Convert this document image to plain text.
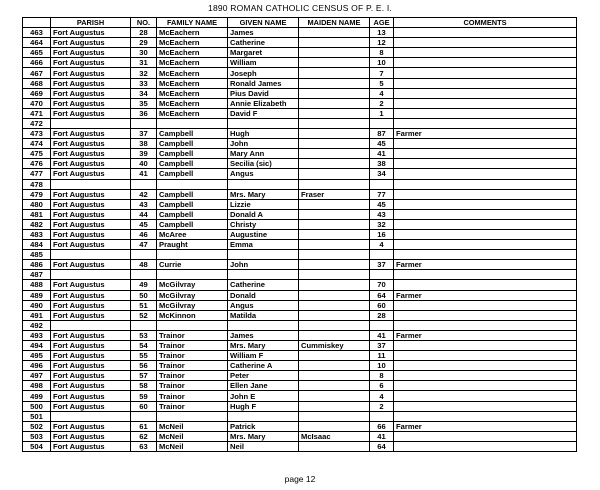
1890 ROMAN CATHOLIC CENSUS OF P. E. I.
	PARISH	NO.	FAMILY NAME	GIVEN NAME	MAIDEN NAME	AGE	COMMENTS
463	Fort Augustus	28	McEachern	James		13	
464	Fort Augustus	29	McEachern	Catherine		12	
465	Fort Augustus	30	McEachern	Margaret		8	
466	Fort Augustus	31	McEachern	William		10	
467	Fort Augustus	32	McEachern	Joseph		7	
468	Fort Augustus	33	McEachern	Ronald James		5	
469	Fort Augustus	34	McEachern	Pius David		4	
470	Fort Augustus	35	McEachern	Annie Elizabeth		2	
471	Fort Augustus	36	McEachern	David F		1	
472							
473	Fort Augustus	37	Campbell	Hugh		87	Farmer
474	Fort Augustus	38	Campbell	John		45	
475	Fort Augustus	39	Campbell	Mary Ann		41	
476	Fort Augustus	40	Campbell	Secilia (sic)		38	
477	Fort Augustus	41	Campbell	Angus		34	
478							
479	Fort Augustus	42	Campbell	Mrs. Mary	Fraser	77	
480	Fort Augustus	43	Campbell	Lizzie		45	
481	Fort Augustus	44	Campbell	Donald A		43	
482	Fort Augustus	45	Campbell	Christy		32	
483	Fort Augustus	46	McAree	Augustine		16	
484	Fort Augustus	47	Praught	Emma		4	
485							
486	Fort Augustus	48	Currie	John		37	Farmer
487							
488	Fort Augustus	49	McGilvray	Catherine		70	
489	Fort Augustus	50	McGilvray	Donald		64	Farmer
490	Fort Augustus	51	McGilvray	Angus		60	
491	Fort Augustus	52	McKinnon	Matilda		28	
492							
493	Fort Augustus	53	Trainor	James		41	Farmer
494	Fort Augustus	54	Trainor	Mrs. Mary	Cummiskey	37	
495	Fort Augustus	55	Trainor	William F		11	
496	Fort Augustus	56	Trainor	Catherine A		10	
497	Fort Augustus	57	Trainor	Peter		8	
498	Fort Augustus	58	Trainor	Ellen Jane		6	
499	Fort Augustus	59	Trainor	John E		4	
500	Fort Augustus	60	Trainor	Hugh F		2	
501							
502	Fort Augustus	61	McNeil	Patrick		66	Farmer
503	Fort Augustus	62	McNeil	Mrs. Mary	McIsaac	41	
504	Fort Augustus	63	McNeil	Neil		64	
page 12
